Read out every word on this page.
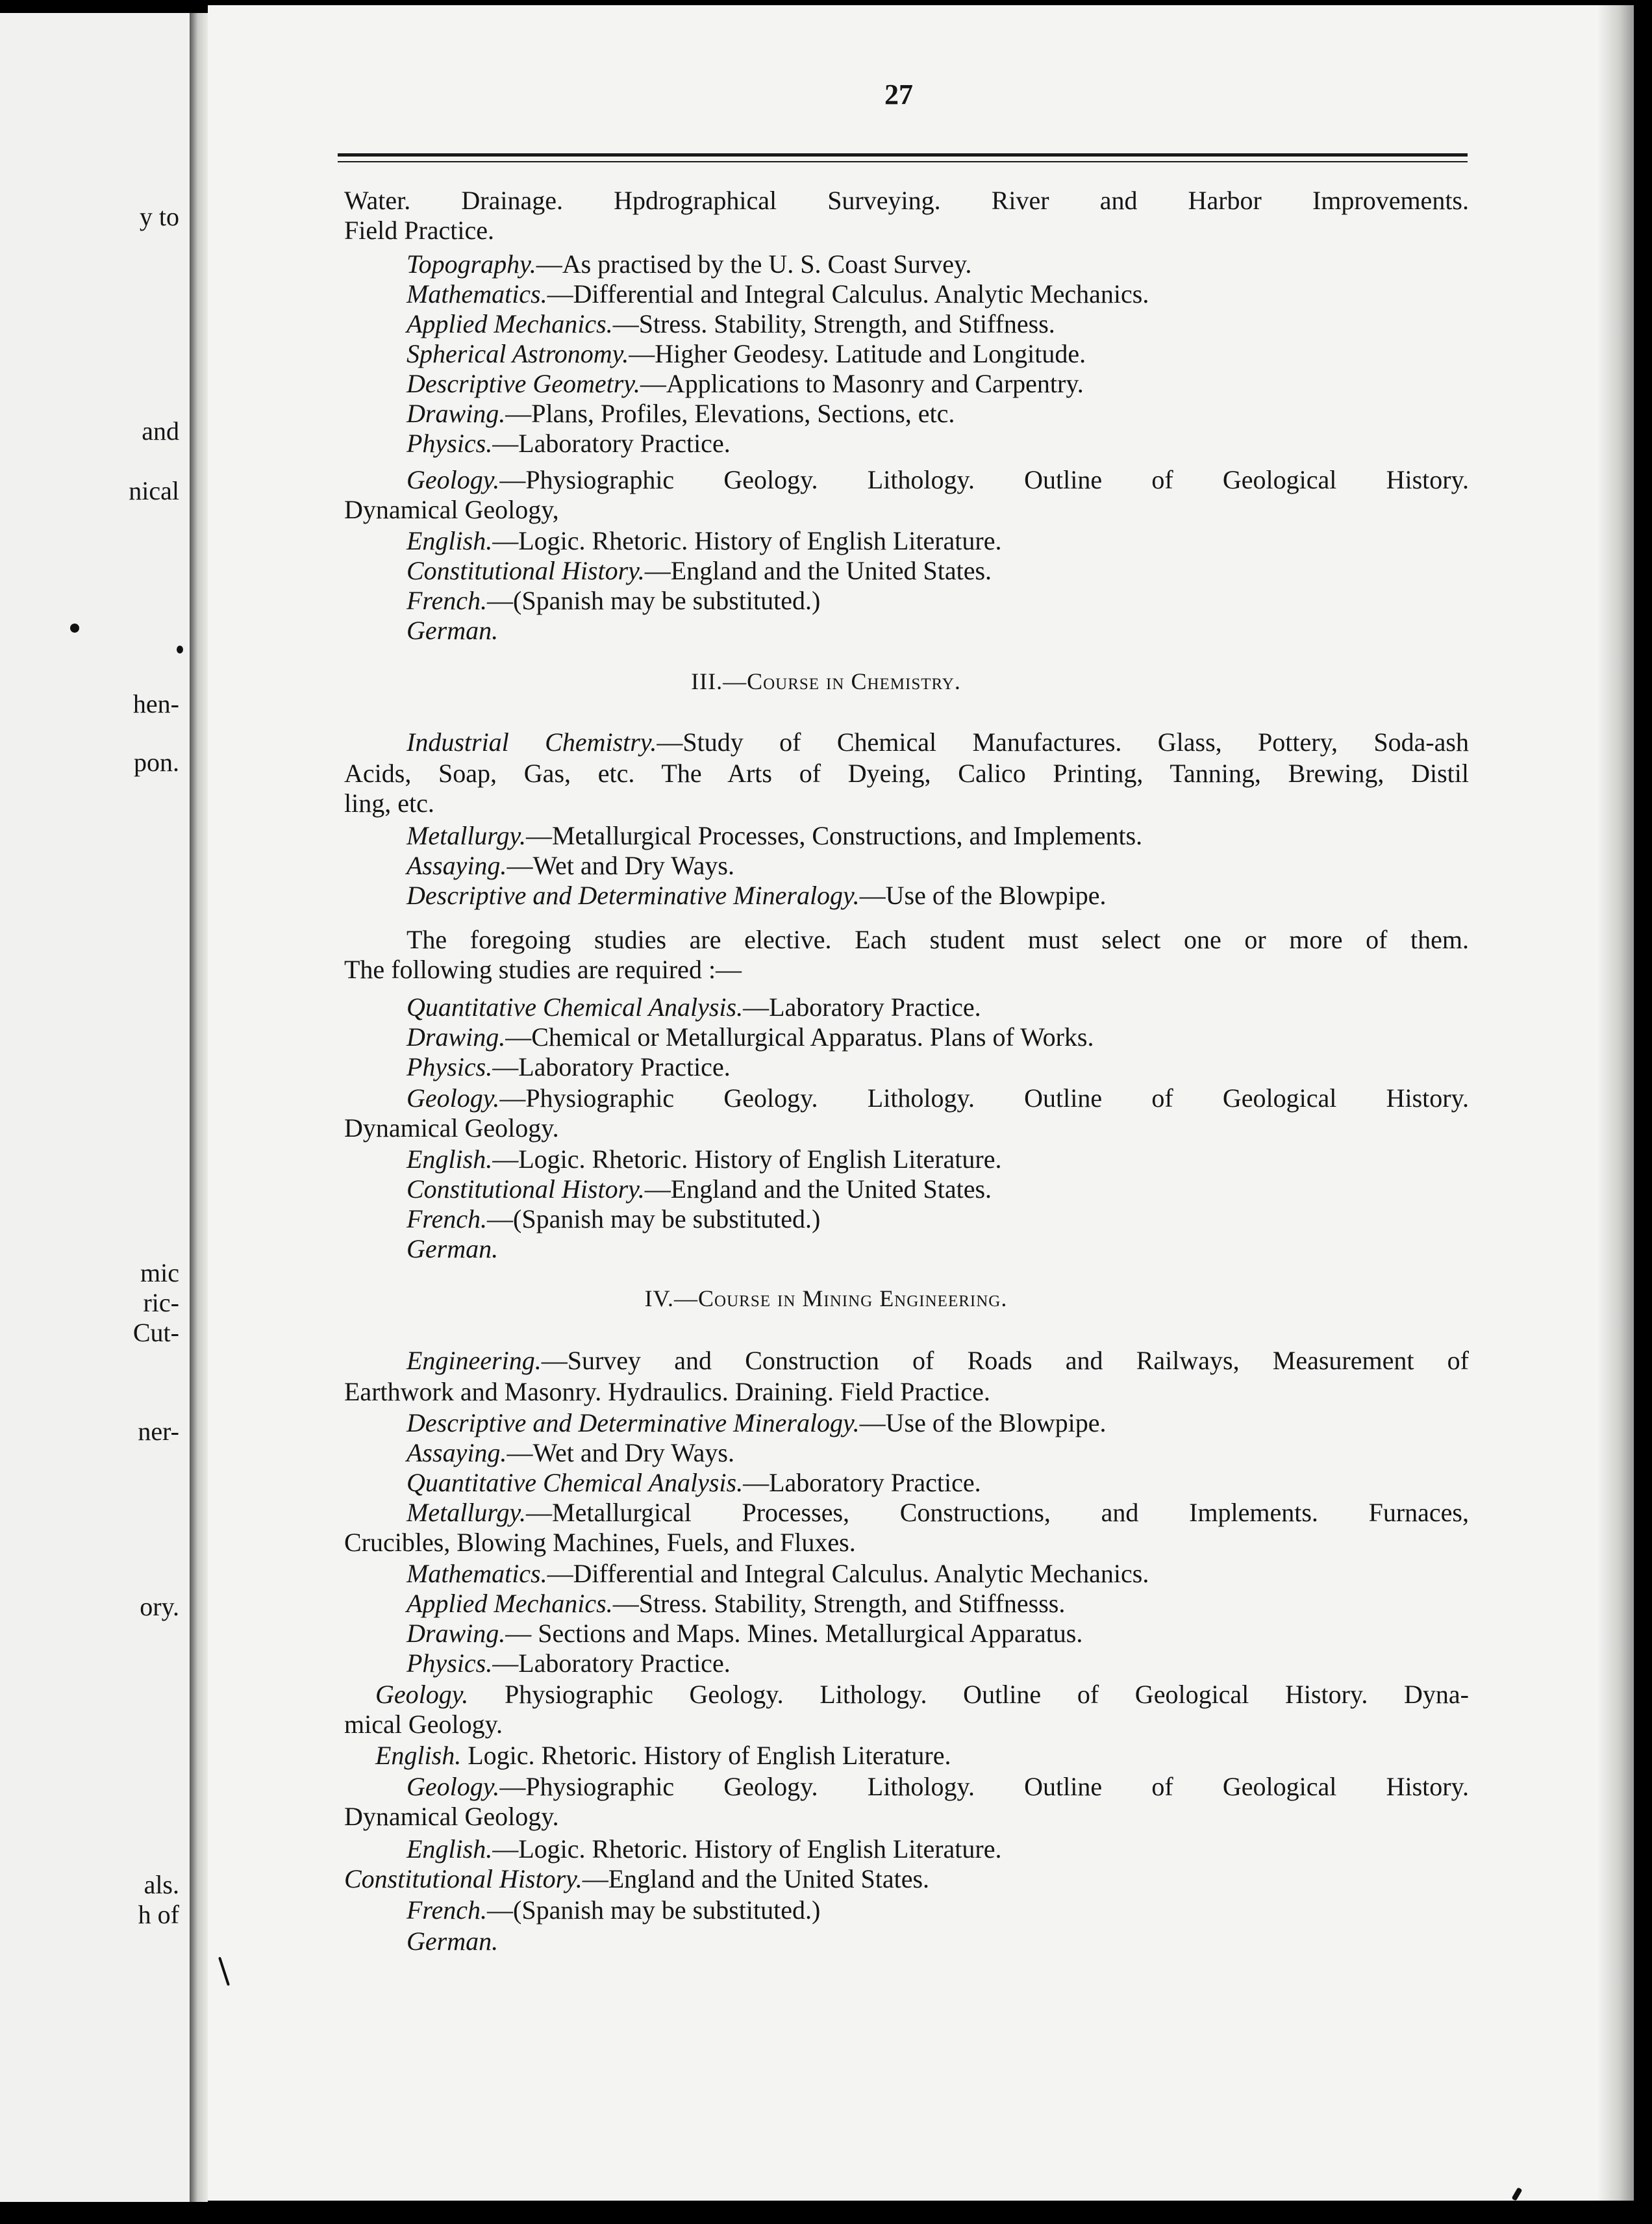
y to
and
nical
hen-
pon.
mic
ric-
Cut-
ner-
ory.
als.
h of
27
Water. Drainage. Hpdrographical Surveying. River and Harbor Improvements.
Field Practice.
Topography.—As practised by the U. S. Coast Survey.
Mathematics.—Differential and Integral Calculus. Analytic Mechanics.
Applied Mechanics.—Stress. Stability, Strength, and Stiffness.
Spherical Astronomy.—Higher Geodesy. Latitude and Longitude.
Descriptive Geometry.—Applications to Masonry and Carpentry.
Drawing.—Plans, Profiles, Elevations, Sections, etc.
Physics.—Laboratory Practice.
Geology.—Physiographic Geology. Lithology. Outline of Geological History.
Dynamical Geology,
English.—Logic. Rhetoric. History of English Literature.
Constitutional History.—England and the United States.
French.—(Spanish may be substituted.)
German.
III.—Course in Chemistry.
Industrial Chemistry.—Study of Chemical Manufactures. Glass, Pottery, Soda-ash
Acids, Soap, Gas, etc. The Arts of Dyeing, Calico Printing, Tanning, Brewing, Distil
ling, etc.
Metallurgy.—Metallurgical Processes, Constructions, and Implements.
Assaying.—Wet and Dry Ways.
Descriptive and Determinative Mineralogy.—Use of the Blowpipe.
The foregoing studies are elective. Each student must select one or more of them.
The following studies are required :—
Quantitative Chemical Analysis.—Laboratory Practice.
Drawing.—Chemical or Metallurgical Apparatus. Plans of Works.
Physics.—Laboratory Practice.
Geology.—Physiographic Geology. Lithology. Outline of Geological History.
Dynamical Geology.
English.—Logic. Rhetoric. History of English Literature.
Constitutional History.—England and the United States.
French.—(Spanish may be substituted.)
German.
IV.—Course in Mining Engineering.
Engineering.—Survey and Construction of Roads and Railways, Measurement of
Earthwork and Masonry. Hydraulics. Draining. Field Practice.
Descriptive and Determinative Mineralogy.—Use of the Blowpipe.
Assaying.—Wet and Dry Ways.
Quantitative Chemical Analysis.—Laboratory Practice.
Metallurgy.—Metallurgical Processes, Constructions, and Implements. Furnaces,
Crucibles, Blowing Machines, Fuels, and Fluxes.
Mathematics.—Differential and Integral Calculus. Analytic Mechanics.
Applied Mechanics.—Stress. Stability, Strength, and Stiffnesss.
Drawing.— Sections and Maps. Mines. Metallurgical Apparatus.
Physics.—Laboratory Practice.
Geology. Physiographic Geology. Lithology. Outline of Geological History. Dyna-
mical Geology.
English. Logic. Rhetoric. History of English Literature.
Geology.—Physiographic Geology. Lithology. Outline of Geological History.
Dynamical Geology.
English.—Logic. Rhetoric. History of English Literature.
Constitutional History.—England and the United States.
French.—(Spanish may be substituted.)
German.
